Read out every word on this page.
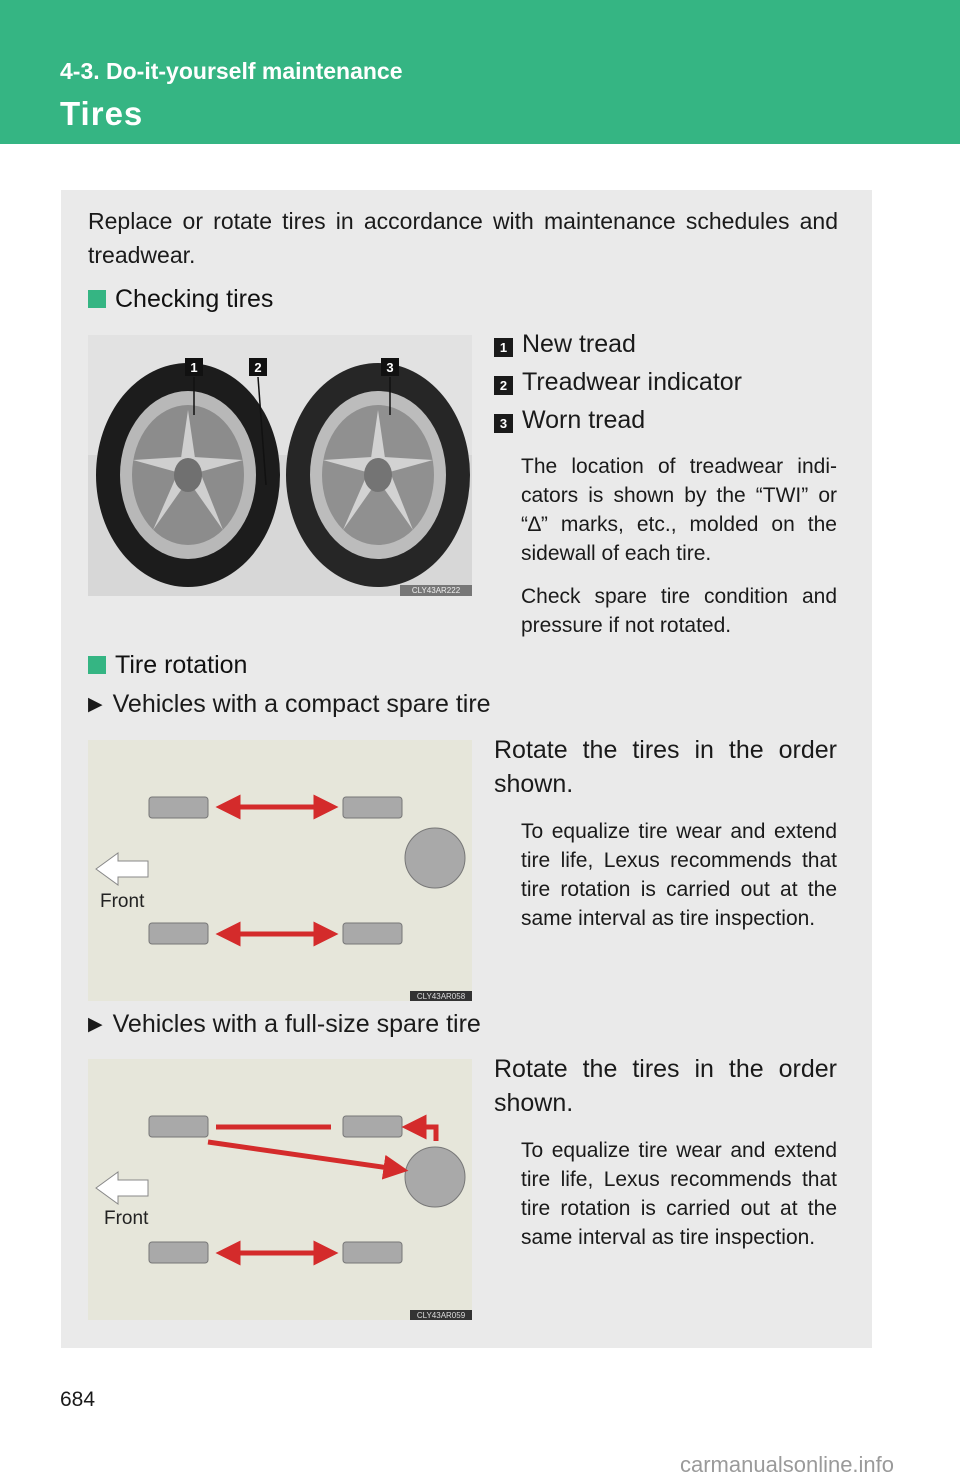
4-3. Do-it-yourself maintenance
Tires
Replace or rotate tires in accordance with maintenance schedules and treadwear.
Checking tires
1	2	3
CLY43AR222
1 New tread
2 Treadwear indicator
3 Worn tread
The location of treadwear indi-cators is shown by the “TWI” or “∆” marks, etc., molded on the sidewall of each tire.
Check spare tire condition and pressure if not rotated.
Tire rotation
▶ Vehicles with a compact spare tire
Front
CLY43AR058
Rotate the tires in the order shown.
To equalize tire wear and extend tire life, Lexus recommends that tire rotation is carried out at the same interval as tire inspection.
▶ Vehicles with a full-size spare tire
Front
CLY43AR059
Rotate the tires in the order shown.
To equalize tire wear and extend tire life, Lexus recommends that tire rotation is carried out at the same interval as tire inspection.
684
carmanualsonline.info
